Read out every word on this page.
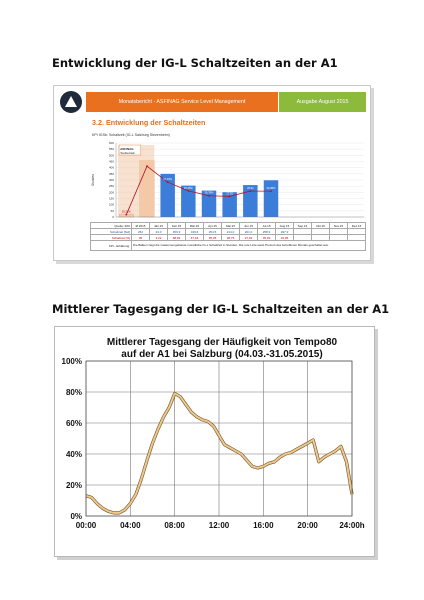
Entwicklung der IG-L Schaltzeiten an der A1
Monatsbericht - ASFINAG Service Level Management	Ausgabe August 2015
3.2. Entwicklung der Schaltzeiten
KPI IGSb: Schaltzeit (IG-L Salzburg Siezenheim)
0
50
100
150
200
250
300
350
400
450
500
550
600
Stunden
ASFINAG
Testbetrieb
20,31%
47,04%
35,35%
26,78%	27,92
26,92	34,95%
Quelle: IRO	Ø 2015	Jän.15	Feb.15	Mär.15	Apr.15	Mai.15	Jun.15	Jul.15	Aug.15	Sep.15	Okt.15	Nov.15	Dez.15
Schaltzeit [Std]	252	24,0	456,9	349,6	254,5	214,0	201,0	258,9	297,9				
Schaltzeit [%]	35	3,22	68,69	47,04	35,35	28,76	27,92	35,02	34,95				
KPI - Erklärung:	Die Balken zeigt die zusammengefasste monatliche IG-L Schaltzeit in Stunden. Die rote Linie weist Prozent des betroffenen Monats geschaltet aus.												
Mittlerer Tagesgang der IG-L Schaltzeiten an der A1
Mittlerer Tagesgang der Häufigkeit von Tempo80
auf der A1 bei Salzburg (04.03.-31.05.2015)
0%
20%
40%
60%
80%
100%
00:00	04:00	08:00	12:00	16:00	20:00	24:00h
